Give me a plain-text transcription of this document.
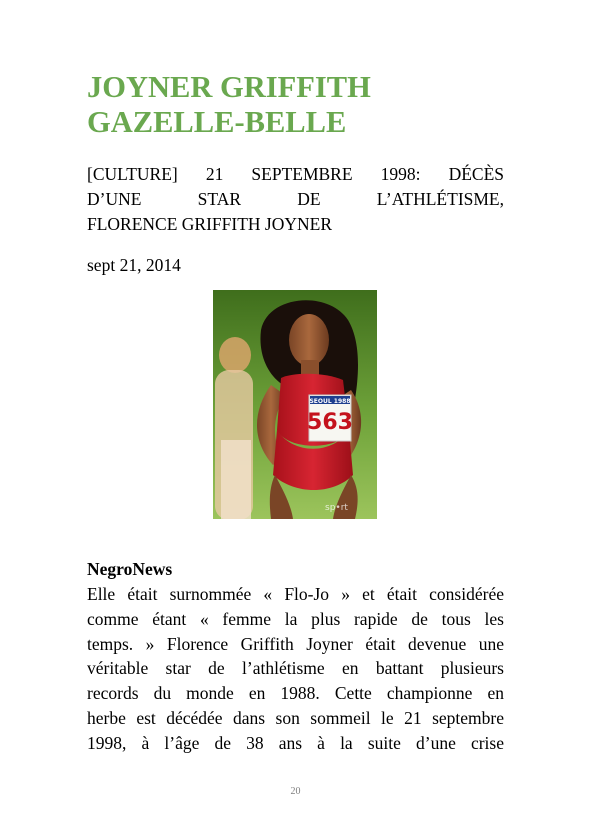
JOYNER GRIFFITH
GAZELLE-BELLE
[CULTURE] 21 SEPTEMBRE 1998: DÉCÈS
D’UNE STAR DE L’ATHLÉTISME,
FLORENCE GRIFFITH JOYNER

sept 21, 2014

SEOUL 1988
563
sp•rt

NegroNews

Elle était surnommée « Flo-Jo » et était considérée
comme étant « femme la plus rapide de tous les
temps. » Florence Griffith Joyner était devenue une
véritable star de l’athlétisme en battant plusieurs
records du monde en 1988. Cette championne en
herbe est décédée dans son sommeil le 21 septembre
1998, à l’âge de 38 ans à la suite d’une crise

20
